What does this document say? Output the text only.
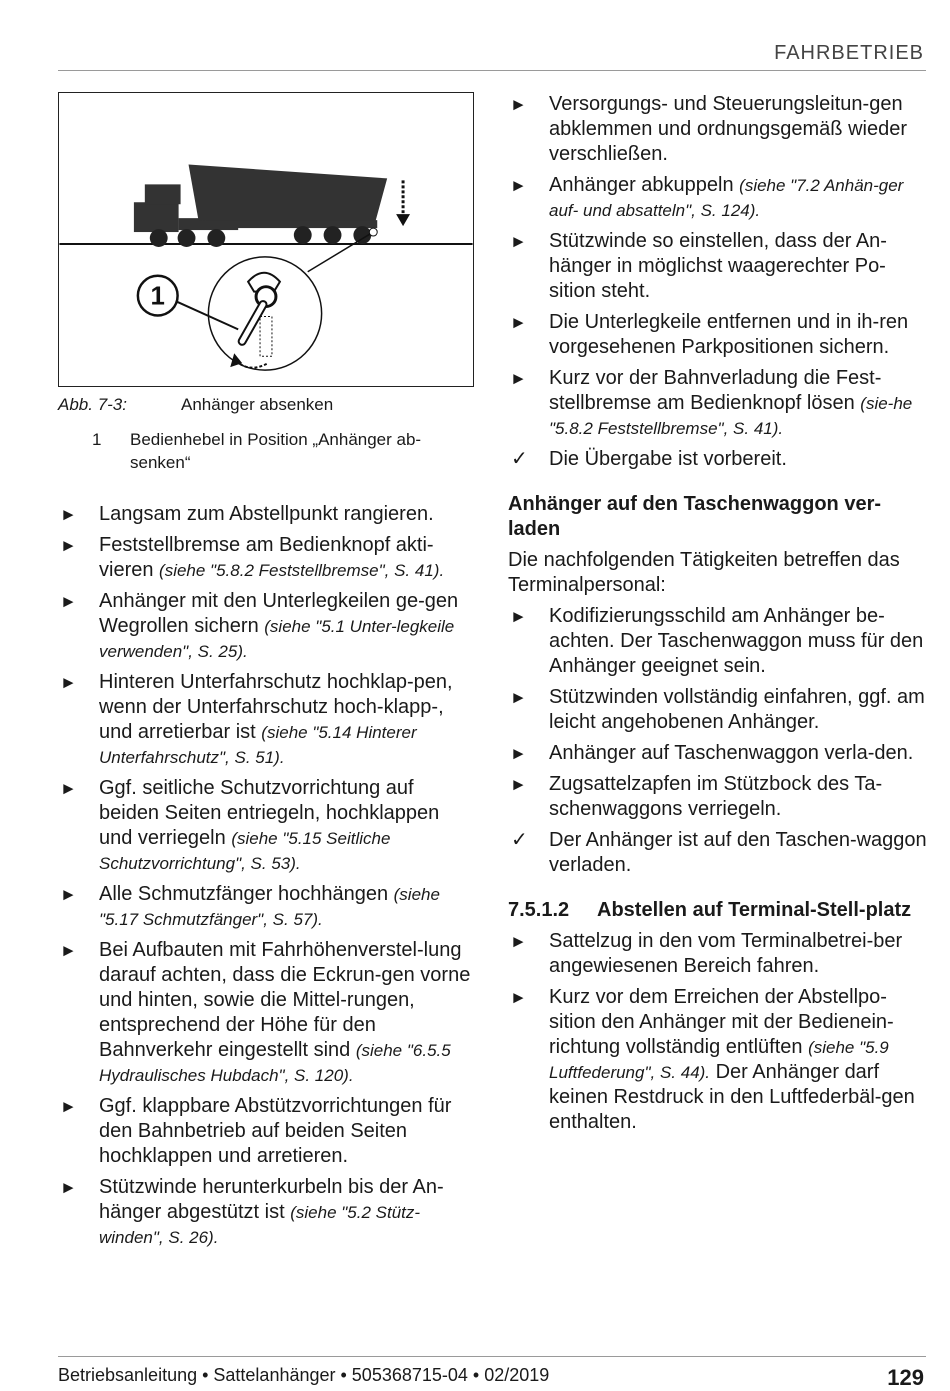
FAHRBETRIEB
1
Abb. 7-3:	Anhänger absenken
1 Bedienhebel in Position „Anhänger ab-senken“
► Langsam zum Abstellpunkt rangieren.
► Feststellbremse am Bedienknopf akti-vieren (siehe "5.8.2 Feststellbremse", S. 41).
► Anhänger mit den Unterlegkeilen ge-gen Wegrollen sichern (siehe "5.1 Unter-legkeile verwenden", S. 25).
► Hinteren Unterfahrschutz hochklap-pen, wenn der Unterfahrschutz hoch-klapp-, und arretierbar ist (siehe "5.14 Hinterer Unterfahrschutz", S. 51).
► Ggf. seitliche Schutzvorrichtung auf beiden Seiten entriegeln, hochklappen und verriegeln (siehe "5.15 Seitliche Schutzvorrichtung", S. 53).
► Alle Schmutzfänger hochhängen (siehe "5.17 Schmutzfänger", S. 57).
► Bei Aufbauten mit Fahrhöhenverstel-lung darauf achten, dass die Eckrun-gen vorne und hinten, sowie die Mittel-rungen, entsprechend der Höhe für den Bahnverkehr eingestellt sind (siehe "6.5.5 Hydraulisches Hubdach", S. 120).
► Ggf. klappbare Abstützvorrichtungen für den Bahnbetrieb auf beiden Seiten hochklappen und arretieren.
► Stützwinde herunterkurbeln bis der An-hänger abgestützt ist (siehe "5.2 Stütz-winden", S. 26).
► Versorgungs- und Steuerungsleitun-gen abklemmen und ordnungsgemäß wieder verschließen.
► Anhänger abkuppeln (siehe "7.2 Anhän-ger auf- und absatteln", S. 124).
► Stützwinde so einstellen, dass der An-hänger in möglichst waagerechter Po-sition steht.
► Die Unterlegkeile entfernen und in ih-ren vorgesehenen Parkpositionen sichern.
► Kurz vor der Bahnverladung die Fest-stellbremse am Bedienknopf lösen (sie-he "5.8.2 Feststellbremse", S. 41).
✓ Die Übergabe ist vorbereit.
Anhänger auf den Taschenwaggon ver-laden
Die nachfolgenden Tätigkeiten betreffen das Terminalpersonal:
► Kodifizierungsschild am Anhänger be-achten. Der Taschenwaggon muss für den Anhänger geeignet sein.
► Stützwinden vollständig einfahren, ggf. am leicht angehobenen Anhänger.
► Anhänger auf Taschenwaggon verla-den.
► Zugsattelzapfen im Stützbock des Ta-schenwaggons verriegeln.
✓ Der Anhänger ist auf den Taschen-waggon verladen.
7.5.1.2 Abstellen auf Terminal-Stell-platz
► Sattelzug in den vom Terminalbetrei-ber angewiesenen Bereich fahren.
► Kurz vor dem Erreichen der Abstellpo-sition den Anhänger mit der Bedienein-richtung vollständig entlüften (siehe "5.9 Luftfederung", S. 44). Der Anhänger darf keinen Restdruck in den Luftfederbäl-gen enthalten.
Betriebsanleitung • Sattelanhänger • 505368715-04 • 02/2019	129
